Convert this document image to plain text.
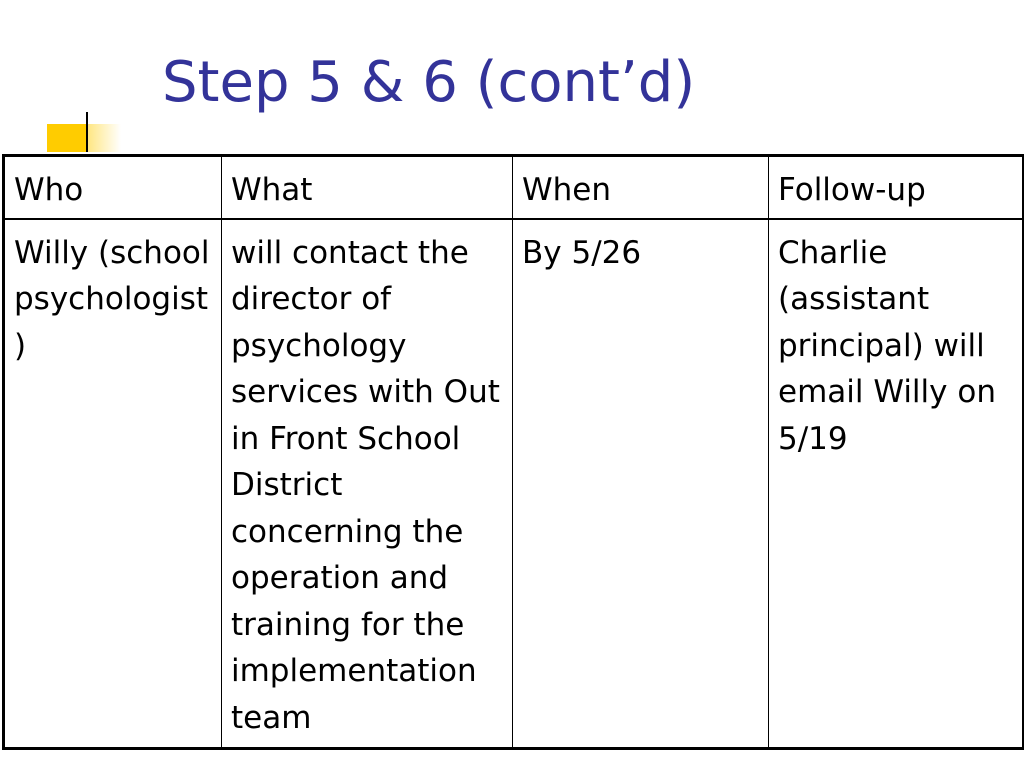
Step 5 & 6 (cont’d)
Who	What	When	Follow-up
Willy (school psychologist)	will contact the director of psychology services with Out in Front School District concerning the operation and training for the implementation team	By 5/26	Charlie (assistant principal) will email Willy on 5/19
